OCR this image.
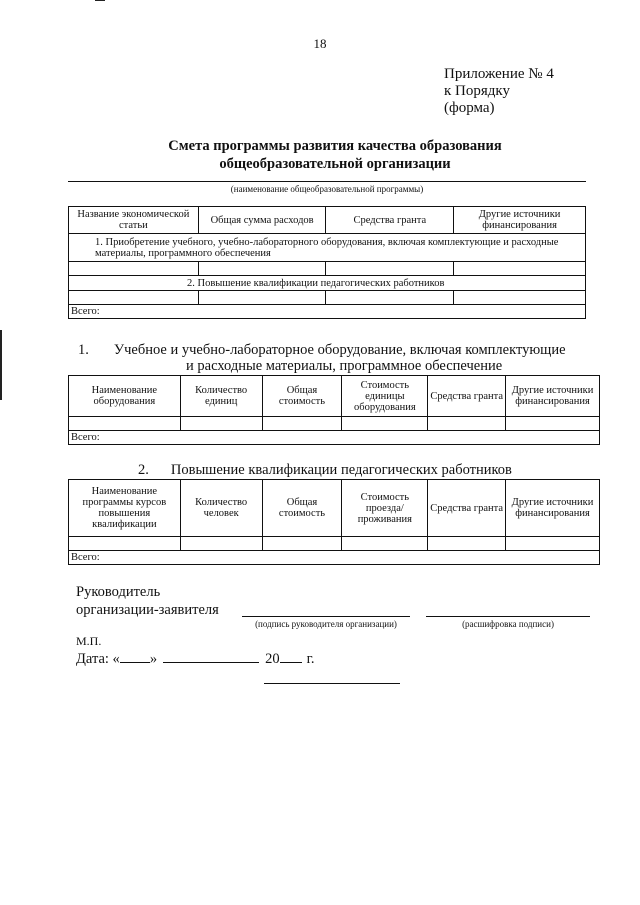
18
Приложение № 4
к Порядку
(форма)
Смета программы развития качества образования
общеобразовательной организации
(наименование общеобразовательной программы)
Название экономической статьи	Общая сумма расходов	Средства гранта	Другие источники финансирования
1. Приобретение учебного, учебно-лабораторного оборудования, включая комплектующие и расходные материалы, программного обеспечения			

2. Повышение квалификации педагогических работников			

Всего:			
1. Учебное и учебно-лабораторное оборудование, включая комплектующие
и расходные материалы, программное обеспечение
Наименование оборудования	Количество единиц	Общая стоимость	Стоимость единицы оборудования	Средства гранта	Другие источники финансирования

Всего:					
2. Повышение квалификации педагогических работников
Наименование программы курсов повышения квалификации	Количество человек	Общая стоимость	Стоимость проезда/ проживания	Средства гранта	Другие источники финансирования

Всего:					
Руководитель
организации-заявителя
(подпись руководителя организации)	(расшифровка подписи)
М.П.
Дата: « »	20 г.
